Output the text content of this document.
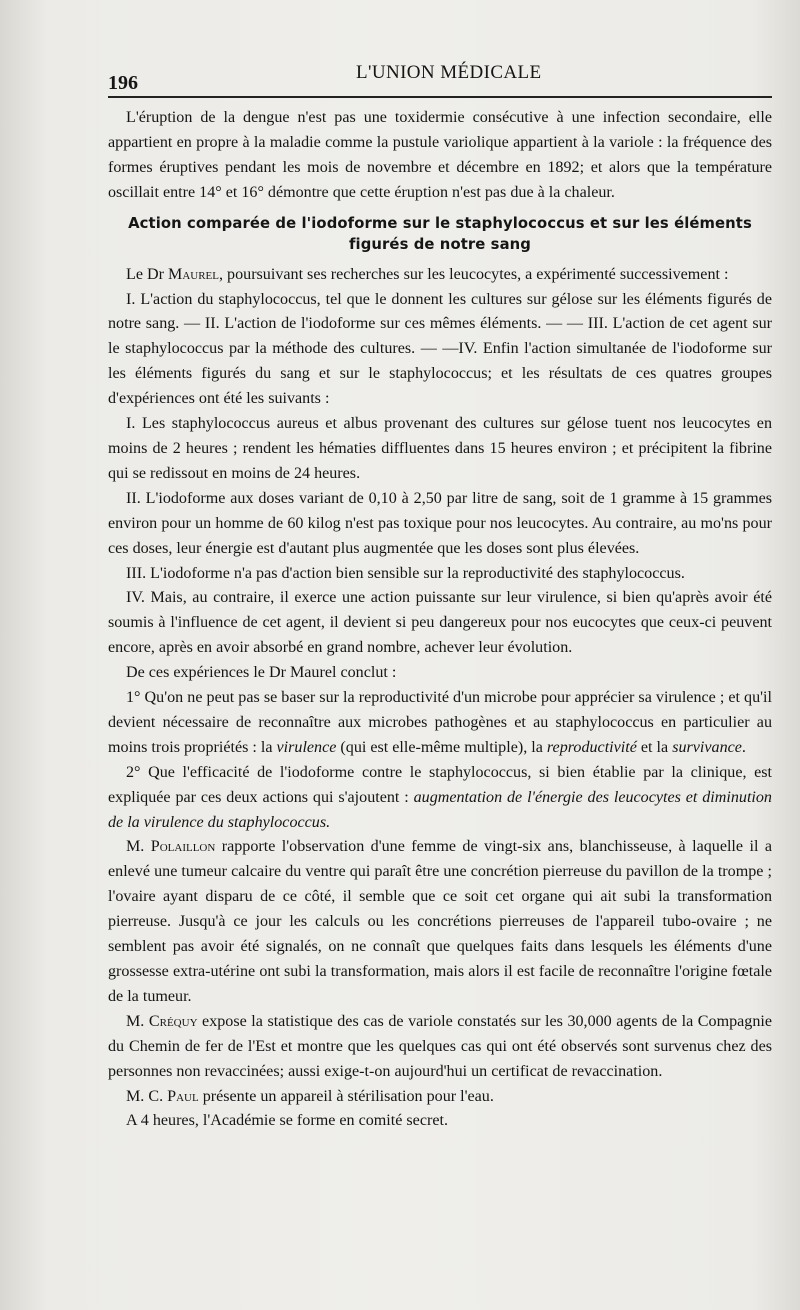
196	L'UNION MÉDICALE

L'éruption de la dengue n'est pas une toxidermie consécutive à une infection secondaire, elle appartient en propre à la maladie comme la pustule variolique appartient à la variole : la fréquence des formes éruptives pendant les mois de novembre et décembre en 1892; et alors que la température oscillait entre 14° et 16° démontre que cette éruption n'est pas due à la chaleur.

Action comparée de l'iodoforme sur le staphylococcus et sur les éléments figurés de notre sang

Le Dr Maurel, poursuivant ses recherches sur les leucocytes, a expérimenté successivement :

I. L'action du staphylococcus, tel que le donnent les cultures sur gélose sur les éléments figurés de notre sang. — II. L'action de l'iodoforme sur ces mêmes éléments. — — III. L'action de cet agent sur le staphylococcus par la méthode des cultures. — —IV. Enfin l'action simultanée de l'iodoforme sur les éléments figurés du sang et sur le staphylococcus; et les résultats de ces quatres groupes d'expériences ont été les suivants :

I. Les staphylococcus aureus et albus provenant des cultures sur gélose tuent nos leucocytes en moins de 2 heures ; rendent les hématies diffluentes dans 15 heures environ ; et précipitent la fibrine qui se redissout en moins de 24 heures.

II. L'iodoforme aux doses variant de 0,10 à 2,50 par litre de sang, soit de 1 gramme à 15 grammes environ pour un homme de 60 kilog n'est pas toxique pour nos leucocytes. Au contraire, au mo'ns pour ces doses, leur énergie est d'autant plus augmentée que les doses sont plus élevées.

III. L'iodoforme n'a pas d'action bien sensible sur la reproductivité des staphylococcus.

IV. Mais, au contraire, il exerce une action puissante sur leur virulence, si bien qu'après avoir été soumis à l'influence de cet agent, il devient si peu dangereux pour nos eucocytes que ceux-ci peuvent encore, après en avoir absorbé en grand nombre, achever leur évolution.

De ces expériences le Dr Maurel conclut :

1° Qu'on ne peut pas se baser sur la reproductivité d'un microbe pour apprécier sa virulence ; et qu'il devient nécessaire de reconnaître aux microbes pathogènes et au staphylococcus en particulier au moins trois propriétés : la virulence (qui est elle-même multiple), la reproductivité et la survivance.

2° Que l'efficacité de l'iodoforme contre le staphylococcus, si bien établie par la clinique, est expliquée par ces deux actions qui s'ajoutent : augmentation de l'énergie des leucocytes et diminution de la virulence du staphylococcus.

M. Polaillon rapporte l'observation d'une femme de vingt-six ans, blanchisseuse, à laquelle il a enlevé une tumeur calcaire du ventre qui paraît être une concrétion pierreuse du pavillon de la trompe ; l'ovaire ayant disparu de ce côté, il semble que ce soit cet organe qui ait subi la transformation pierreuse. Jusqu'à ce jour les calculs ou les concrétions pierreuses de l'appareil tubo-ovaire ; ne semblent pas avoir été signalés, on ne connaît que quelques faits dans lesquels les éléments d'une grossesse extra-utérine ont subi la transformation, mais alors il est facile de reconnaître l'origine fœtale de la tumeur.

M. Créquy expose la statistique des cas de variole constatés sur les 30,000 agents de la Compagnie du Chemin de fer de l'Est et montre que les quelques cas qui ont été observés sont survenus chez des personnes non revaccinées; aussi exige-t-on aujourd'hui un certificat de revaccination.

M. C. Paul présente un appareil à stérilisation pour l'eau.

A 4 heures, l'Académie se forme en comité secret.
